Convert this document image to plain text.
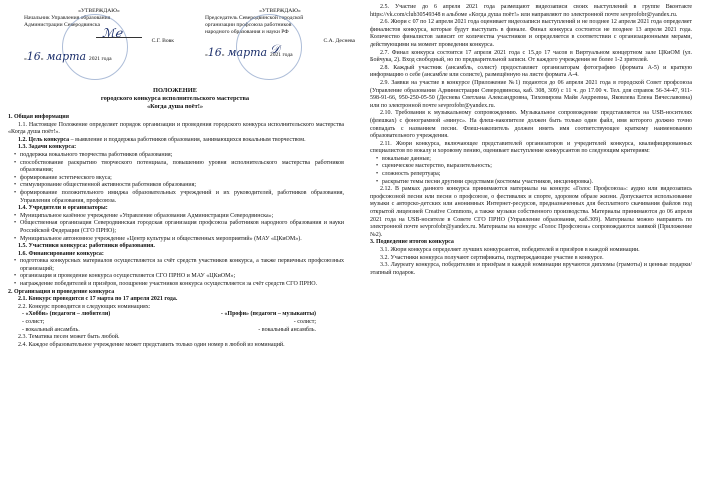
«УТВЕРЖДАЮ»
Начальник Управления образования
Администрации Северодвинска
С.Г. Вовк
«16» марта 2021 года
ℳℯ
«УТВЕРЖДАЮ»
Председатель Северодвинской городской
организации профсоюза работников
народного образования и науки РФ
С.А. Деснева
«16» марта 2021 года
𝒟
ПОЛОЖЕНИЕ
городского конкурса исполнительского мастерства
«Когда душа поёт!»

1. Общая информация

1.1. Настоящее Положение определяет порядок организации и проведения городского конкурса исполнительского мастерства «Когда душа поёт!».

1.2. Цель конкурса – выявление и поддержка работников образования, занимающихся вокальным творчеством.

1.3. Задачи конкурса:

• поддержка вокального творчества работников образования;

• способствование раскрытию творческого потенциала, повышению уровня исполнительского мастерства работников образования;

• формирование эстетического вкуса;

• стимулирование общественной активности работников образования;

• формирование положительного имиджа образовательных учреждений и их руководителей, работников образования, Управления образования, профсоюза.

1.4. Учредители и организаторы:

• Муниципальное казённое учреждение «Управление образования Администрации Северодвинска»;

• Общественная организация Северодвинская городская организация профсоюза работников народного образования и науки Российской Федерации (СГО ПРНО);

• Муниципальное автономное учреждение «Центр культуры и общественных мероприятий» (МАУ «ЦКиОМ»).

1.5. Участники конкурса: работники образования.

1.6. Финансирование конкурса:

• подготовка конкурсных материалов осуществляется за счёт средств участников конкурса, а также первичных профсоюзных организаций;

• организация и проведение конкурса осуществляется СГО ПРНО и МАУ «ЦКиОМ»;

• награждение победителей и призёров, поощрение участников конкурса осуществляется за счёт средств СГО ПРНО.

2. Организация и проведение конкурса

2.1. Конкурс проводится с 17 марта по 17 апреля 2021 года.

2.2. Конкурс проводится в следующих номинациях:

- «Хобби» (педагоги – любители)	- «Профи» (педагоги – музыканты)
- солист;	- солист;
- вокальный ансамбль.	- вокальный ансамбль.

2.3. Тематика песен может быть любой.

2.4. Каждое образовательное учреждение может представить только один номер в любой из номинаций.

2.5. Участие до 6 апреля 2021 года размещают видеозаписи своих выступлений в группе Вконтакте https://vk.com/club30549348 в альбоме «Когда душа поёт!» или направляют по электронной почте sevprofobr@yandex.ru.

2.6. Жюри с 07 по 12 апреля 2021 года оценивает видеозаписи выступлений и не позднее 12 апреля 2021 года определяет финалистов конкурса, которые будут выступать в финале. Финал конкурса состоится не позднее 13 апреля 2021 года. Количество финалистов зависит от количества участников и определяется в соответствии с организационными мерами, действующими на момент проведения конкурса.

2.7. Финал конкурса состоится 17 апреля 2021 года с 15.до 17 часов в Виртуальном концертном зале ЦКиОМ (ул. Бойчука, 2). Вход свободный, но по предварительной записи. От каждого учреждения не более 1-2 зрителей.

2.8. Каждый участник (ансамбль, солист) предоставляет организаторам фотографию (формата А-5) и краткую информацию о себе (ансамбле или солисте), размещённую на листе формата А-4.

2.9. Заявки на участие в конкурсе (Приложение №1) подаются до 06 апреля 2021 года в городской Совет профсоюза (Управление образования Администрации Северодвинска, каб. 308, 309) с 11 ч. до 17.00 ч. Тел. для справок 56-34-47, 911-598-91-66, 950-250-05-50 (Деснева Светлана Александровна, Тихомирова Майя Андреевна, Яковлева Елена Вячеславовна) или по электронной почте sevprofobr@yandex.ru.

2.10. Требования к музыкальному сопровождению. Музыкальное сопровождение представляется на USB-носителях (флешках) с фонограммой «минус». На флеш-накопителе должен быть только один файл, имя которого должно точно совпадать с названием песни. Флеш-накопитель должен иметь имя соответствующее краткому наименованию образовательного учреждения.

2.11. Жюри конкурса, включающее представителей организаторов и учредителей конкурса, квалифицированных специалистов по вокалу и хоровому пению, оценивает выступление конкурсантов по следующим критериям:

• вокальные данные;

• сценическое мастерство, выразительность;

• сложность репертуара;

• раскрытие темы песни другими средствами (костюмы участников, инсценировка).

2.12. В рамках данного конкурса принимаются материалы на конкурс «Голос Профсоюза»: аудио или видеозапись профсоюзной песни или песни о профсоюзе, о фестивалях и спорте, здоровом образе жизни. Допускается использование музыки с авторско-детских или анонимных Интернет-ресурсов, предназначенных для бесплатного скачивания файлов под открытой лицензией Creative Commons, а также музыки собственного производства. Материалы принимаются до 06 апреля 2021 года на USB-носителе в Совете СГО ПРНО (Управление образования, каб.309). Материалы можно направить по электронной почте sevprofobr@yandex.ru. Материалы на конкурс «Голос Профсоюза» сопровождаются заявкой (Приложение №2).

3. Подведение итогов конкурса

3.1. Жюри конкурса определяет лучших конкурсантов, победителей и призёров в каждой номинации.

3.2. Участники конкурса получают сертификаты, подтверждающие участие в конкурсе.

3.3. Лауреату конкурса, победителям и призёрам в каждой номинации вручаются дипломы (грамоты) и ценные подарки/этапный подарок.
